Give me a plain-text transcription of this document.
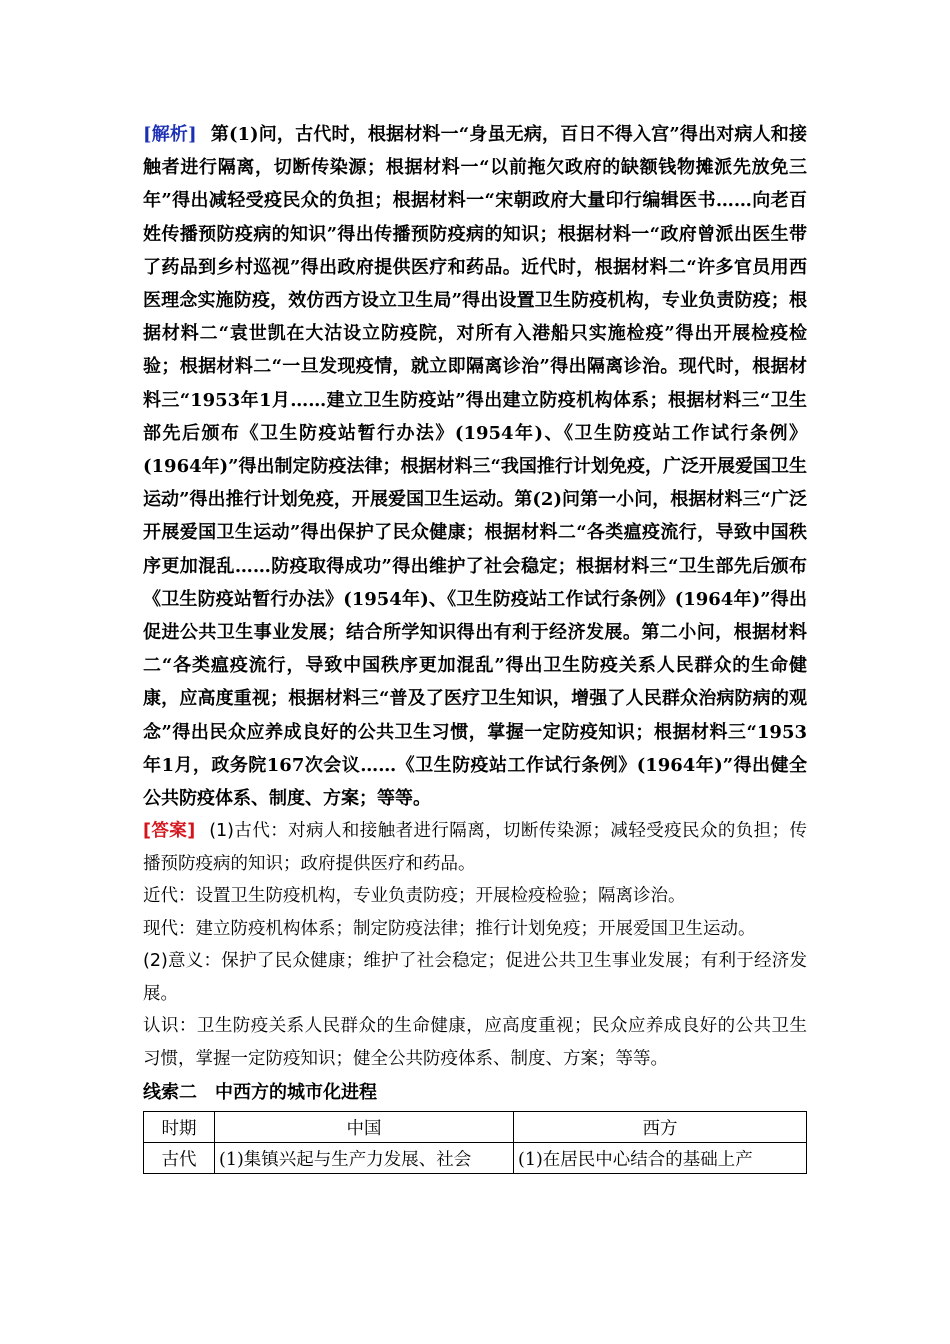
[解析] 第(1)问，古代时，根据材料一“身虽无病，百日不得入宫”得出对病人和接触者进行隔离，切断传染源；根据材料一“以前拖欠政府的缺额钱物摊派先放免三年”得出减轻受疫民众的负担；根据材料一“宋朝政府大量印行编辑医书……向老百姓传播预防疫病的知识”得出传播预防疫病的知识；根据材料一“政府曾派出医生带了药品到乡村巡视”得出政府提供医疗和药品。近代时，根据材料二“许多官员用西医理念实施防疫，效仿西方设立卫生局”得出设置卫生防疫机构，专业负责防疫；根据材料二“袁世凯在大沽设立防疫院，对所有入港船只实施检疫”得出开展检疫检验；根据材料二“一旦发现疫情，就立即隔离诊治”得出隔离诊治。现代时，根据材料三“1953年1月……建立卫生防疫站”得出建立防疫机构体系；根据材料三“卫生部先后颁布《卫生防疫站暂行办法》(1954年)、《卫生防疫站工作试行条例》(1964年)”得出制定防疫法律；根据材料三“我国推行计划免疫，广泛开展爱国卫生运动”得出推行计划免疫，开展爱国卫生运动。第(2)问第一小问，根据材料三“广泛开展爱国卫生运动”得出保护了民众健康；根据材料二“各类瘟疫流行，导致中国秩序更加混乱……防疫取得成功”得出维护了社会稳定；根据材料三“卫生部先后颁布《卫生防疫站暂行办法》(1954年)、《卫生防疫站工作试行条例》(1964年)”得出促进公共卫生事业发展；结合所学知识得出有利于经济发展。第二小问，根据材料二“各类瘟疫流行，导致中国秩序更加混乱”得出卫生防疫关系人民群众的生命健康，应高度重视；根据材料三“普及了医疗卫生知识，增强了人民群众治病防病的观念”得出民众应养成良好的公共卫生习惯，掌握一定防疫知识；根据材料三“1953年1月，政务院167次会议……《卫生防疫站工作试行条例》(1964年)”得出健全公共防疫体系、制度、方案；等等。

[答案] (1)古代：对病人和接触者进行隔离，切断传染源；减轻受疫民众的负担；传播预防疫病的知识；政府提供医疗和药品。

近代：设置卫生防疫机构，专业负责防疫；开展检疫检验；隔离诊治。

现代：建立防疫机构体系；制定防疫法律；推行计划免疫；开展爱国卫生运动。

(2)意义：保护了民众健康；维护了社会稳定；促进公共卫生事业发展；有利于经济发展。

认识：卫生防疫关系人民群众的生命健康，应高度重视；民众应养成良好的公共卫生习惯，掌握一定防疫知识；健全公共防疫体系、制度、方案；等等。

线索二　中西方的城市化进程

时期	中国	西方
古代	(1)集镇兴起与生产力发展、社会	(1)在居民中心结合的基础上产
